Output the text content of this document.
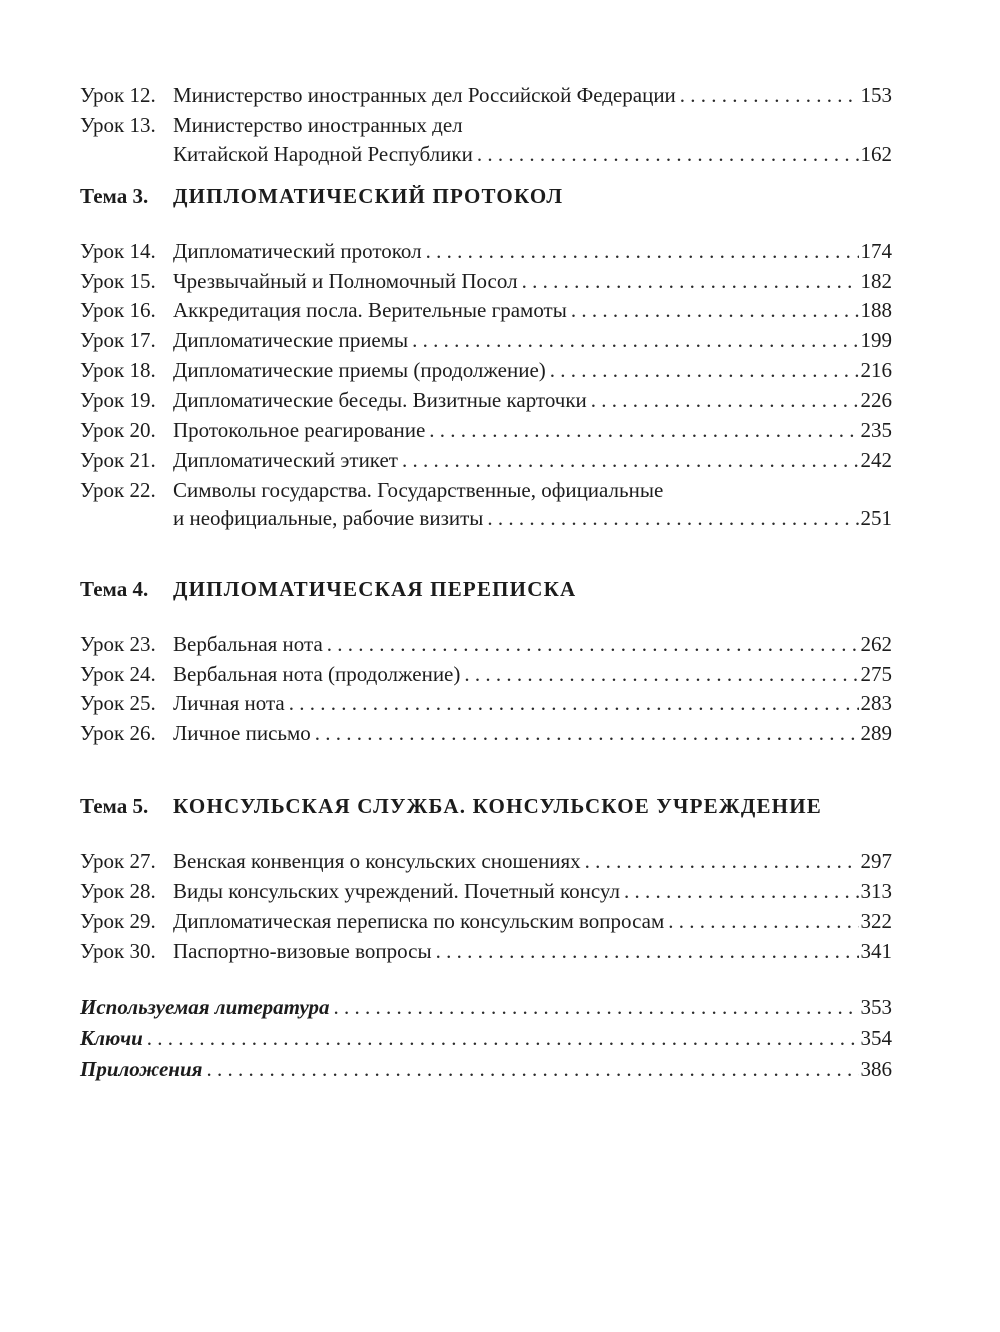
Урок 12. Министерство иностранных дел Российской Федерации . . .	153
Урок 13. Министерство иностранных дел
Китайской Народной Республики . . .	162
Тема 3. ДИПЛОМАТИЧЕСКИЙ ПРОТОКОЛ
Урок 14. Дипломатический протокол . . .	174
Урок 15. Чрезвычайный и Полномочный Посол . . .	182
Урок 16. Аккредитация посла. Верительные грамоты . . .	188
Урок 17. Дипломатические приемы . . .	199
Урок 18. Дипломатические приемы (продолжение) . . .	216
Урок 19. Дипломатические беседы. Визитные карточки . . .	226
Урок 20. Протокольное реагирование . . .	235
Урок 21. Дипломатический этикет . . .	242
Урок 22. Символы государства. Государственные, официальные
и неофициальные, рабочие визиты . . .	251
Тема 4. ДИПЛОМАТИЧЕСКАЯ ПЕРЕПИСКА
Урок 23. Вербальная нота . . .	262
Урок 24. Вербальная нота (продолжение) . . .	275
Урок 25. Личная нота . . .	283
Урок 26. Личное письмо . . .	289
Тема 5. КОНСУЛЬСКАЯ СЛУЖБА. КОНСУЛЬСКОЕ УЧРЕЖДЕНИЕ
Урок 27. Венская конвенция о консульских сношениях . . .	297
Урок 28. Виды консульских учреждений. Почетный консул . . .	313
Урок 29. Дипломатическая переписка по консульским вопросам . . .	322
Урок 30. Паспортно-визовые вопросы . . .	341
Используемая литература . . .	353
Ключи . . .	354
Приложения . . .	386
